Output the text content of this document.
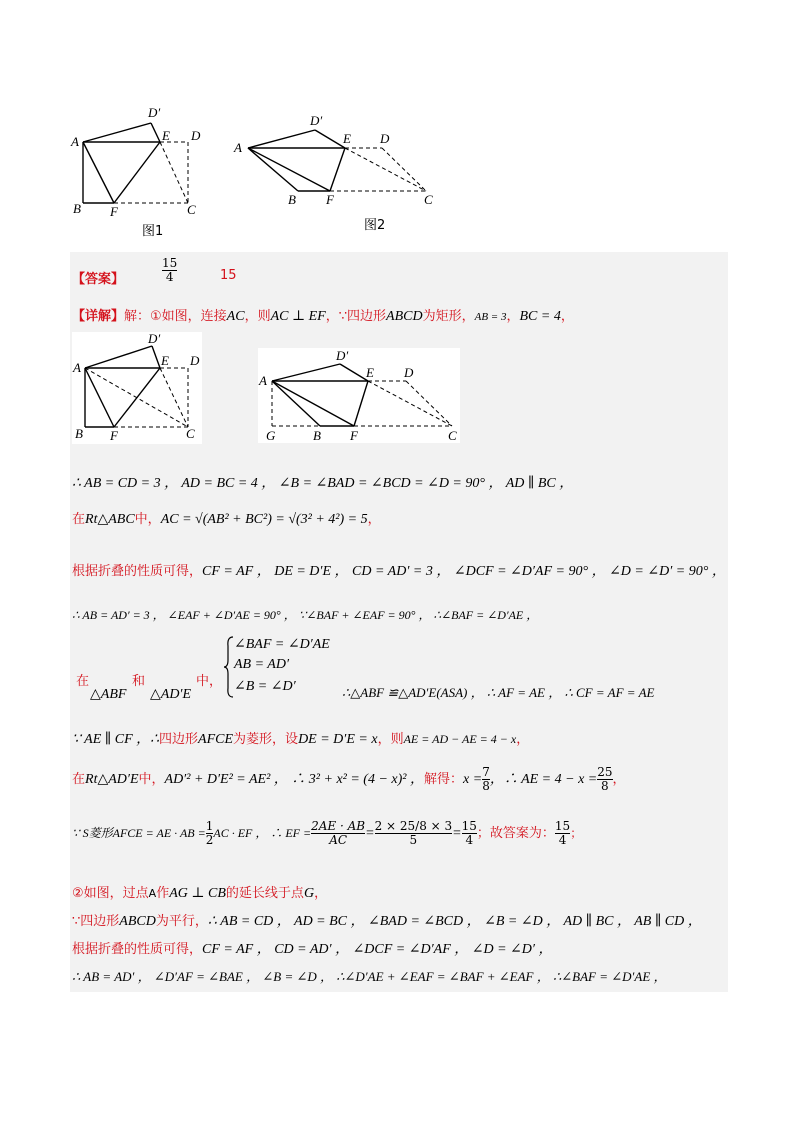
A
D′
E D
B F	C
图1
A
D′
E D
B F	C
图2
【答案】	$\frac{15}{4}$	15
【详解】解：①如图，连接AC，则AC ⊥ EF，∵四边形ABCD为矩形，AB = 3，BC = 4，
A
D′
E D
B F	C
A
D′
E D
G	B F	C
∴ AB = CD = 3 ， AD = BC = 4 ， ∠B = ∠BAD = ∠BCD = ∠D = 90° ， AD ∥ BC ，
在Rt△ABC中，AC = √(AB² + BC²) = √(3² + 4²) = 5，
根据折叠的性质可得，CF = AF ， DE = D′E ， CD = AD′ = 3 ， ∠DCF = ∠D′AF = 90° ， ∠D = ∠D′ = 90° ，
∴ AB = AD′ = 3 ， ∠EAF + ∠D′AE = 90° ， ∵∠BAF + ∠EAF = 90° ， ∴∠BAF = ∠D′AE ，
在	和	中，
△ABF △AD′E
∠BAF = ∠D′AE
AB = AD′
∠B = ∠D′	∴△ABF ≌△AD′E(ASA) ， ∴ AF = AE ， ∴ CF = AF = AE
∵ AE ∥ CF ，∴四边形AFCE为菱形，设DE = D′E = x，则AE = AD − AE = 4 − x，
在Rt△AD′E中，AD′² + D′E² = AE² ， ∴ 3² + x² = (4 − x)² ，解得：$x = \frac{7}{8}$ ，∴ AE = $4 - x = \frac{25}{8}$ ，
∵ S菱形AFCE = AE · AB = $\frac{1}{2}$ AC · EF ， ∴ EF = $\frac{2AE \cdot AB}{AC} = \frac{2 \times 25/8 \times 3}{5} = \frac{15}{4}$ ；故答案为： $\frac{15}{4}$ ；
②如图，过点A作AG ⊥ CB的延长线于点G，
∵四边形ABCD为平行，∴ AB = CD ， AD = BC ， ∠BAD = ∠BCD ， ∠B = ∠D ， AD ∥ BC ， AB ∥ CD ，
根据折叠的性质可得，CF = AF ， CD = AD′ ， ∠DCF = ∠D′AF ， ∠D = ∠D′ ，
∴ AB = AD′ ， ∠D′AF = ∠BAE ， ∠B = ∠D ， ∴∠D′AE + ∠EAF = ∠BAF + ∠EAF ， ∴∠BAF = ∠D′AE ，
